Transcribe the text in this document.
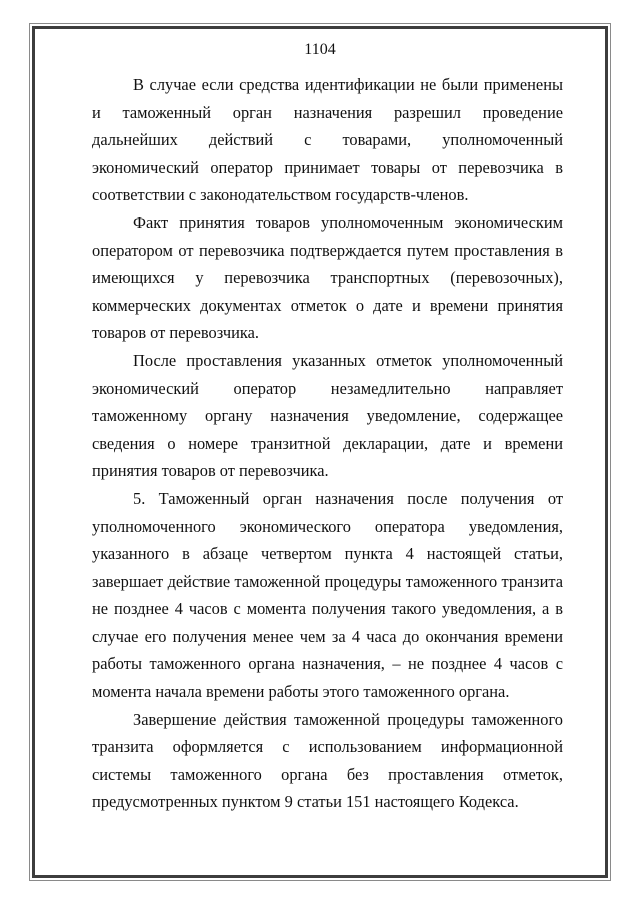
1104

В случае если средства идентификации не были применены и таможенный орган назначения разрешил проведение дальнейших действий с товарами, уполномоченный экономический оператор принимает товары от перевозчика в соответствии с законодательством государств-членов.

Факт принятия товаров уполномоченным экономическим оператором от перевозчика подтверждается путем проставления в имеющихся у перевозчика транспортных (перевозочных), коммерческих документах отметок о дате и времени принятия товаров от перевозчика.

После проставления указанных отметок уполномоченный экономический оператор незамедлительно направляет таможенному органу назначения уведомление, содержащее сведения о номере транзитной декларации, дате и времени принятия товаров от перевозчика.

5. Таможенный орган назначения после получения от уполномоченного экономического оператора уведомления, указанного в абзаце четвертом пункта 4 настоящей статьи, завершает действие таможенной процедуры таможенного транзита не позднее 4 часов с момента получения такого уведомления, а в случае его получения менее чем за 4 часа до окончания времени работы таможенного органа назначения, – не позднее 4 часов с момента начала времени работы этого таможенного органа.

Завершение действия таможенной процедуры таможенного транзита оформляется с использованием информационной системы таможенного органа без проставления отметок, предусмотренных пунктом 9 статьи 151 настоящего Кодекса.
